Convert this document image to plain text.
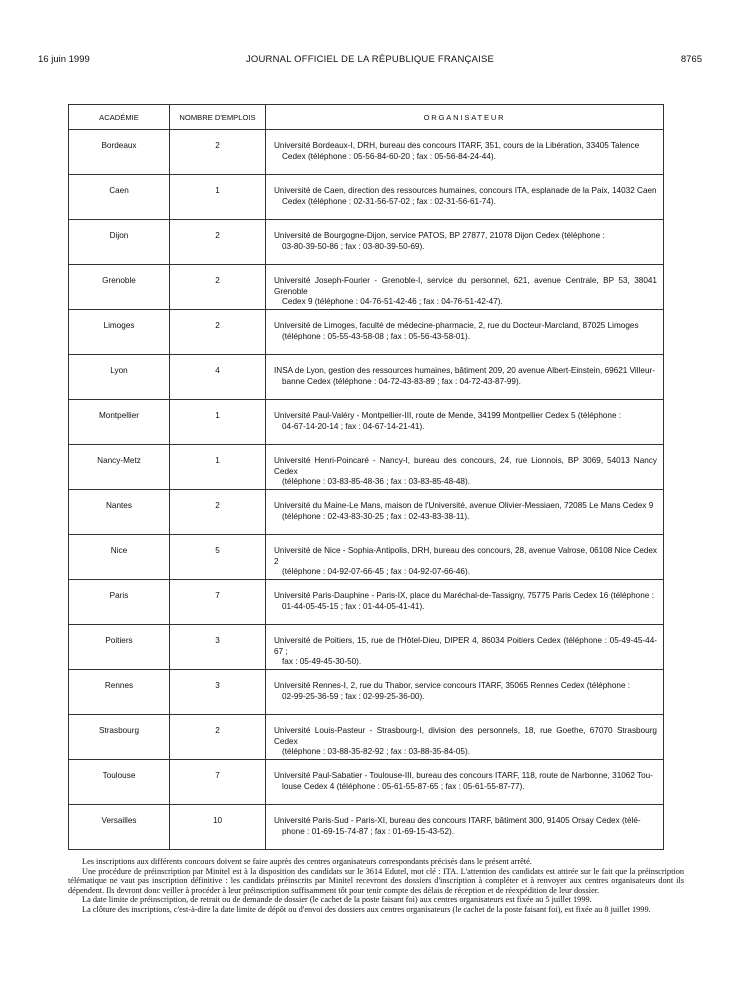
16 juin 1999	JOURNAL OFFICIEL DE LA RÉPUBLIQUE FRANÇAISE	8765
ACADÉMIE	NOMBRE D'EMPLOIS	ORGANISATEUR
Bordeaux	2	Université Bordeaux-I, DRH, bureau des concours ITARF, 351, cours de la Libération, 33405 Talence
Cedex (téléphone : 05-56-84-60-20 ; fax : 05-56-84-24-44).

Caen	1	Université de Caen, direction des ressources humaines, concours ITA, esplanade de la Paix, 14032 Caen
Cedex (téléphone : 02-31-56-57-02 ; fax : 02-31-56-61-74).

Dijon	2	Université de Bourgogne-Dijon, service PATOS, BP 27877, 21078 Dijon Cedex (téléphone :
03-80-39-50-86 ; fax : 03-80-39-50-69).

Grenoble	2	Université Joseph-Fourier - Grenoble-I, service du personnel, 621, avenue Centrale, BP 53, 38041 Grenoble
Cedex 9 (téléphone : 04-76-51-42-46 ; fax : 04-76-51-42-47).

Limoges	2	Université de Limoges, faculté de médecine-pharmacie, 2, rue du Docteur-Marcland, 87025 Limoges
(téléphone : 05-55-43-58-08 ; fax : 05-56-43-58-01).

Lyon	4	INSA de Lyon, gestion des ressources humaines, bâtiment 209, 20 avenue Albert-Einstein, 69621 Villeur-
banne Cedex (téléphone : 04-72-43-83-89 ; fax : 04-72-43-87-99).

Montpellier	1	Université Paul-Valéry - Montpellier-III, route de Mende, 34199 Montpellier Cedex 5 (téléphone :
04-67-14-20-14 ; fax : 04-67-14-21-41).

Nancy-Metz	1	Université Henri-Poincaré - Nancy-I, bureau des concours, 24, rue Lionnois, BP 3069, 54013 Nancy Cedex
(téléphone : 03-83-85-48-36 ; fax : 03-83-85-48-48).

Nantes	2	Université du Maine-Le Mans, maison de l'Université, avenue Olivier-Messiaen, 72085 Le Mans Cedex 9
(téléphone : 02-43-83-30-25 ; fax : 02-43-83-38-11).

Nice	5	Université de Nice - Sophia-Antipolis, DRH, bureau des concours, 28, avenue Valrose, 06108 Nice Cedex 2
(téléphone : 04-92-07-66-45 ; fax : 04-92-07-66-46).

Paris	7	Université Paris-Dauphine - Paris-IX, place du Maréchal-de-Tassigny, 75775 Paris Cedex 16 (téléphone :
01-44-05-45-15 ; fax : 01-44-05-41-41).

Poitiers	3	Université de Poitiers, 15, rue de l'Hôtel-Dieu, DIPER 4, 86034 Poitiers Cedex (téléphone : 05-49-45-44-67 ;
fax : 05-49-45-30-50).

Rennes	3	Université Rennes-I, 2, rue du Thabor, service concours ITARF, 35065 Rennes Cedex (téléphone :
02-99-25-36-59 ; fax : 02-99-25-36-00).

Strasbourg	2	Université Louis-Pasteur - Strasbourg-I, division des personnels, 18, rue Goethe, 67070 Strasbourg Cedex
(téléphone : 03-88-35-82-92 ; fax : 03-88-35-84-05).

Toulouse	7	Université Paul-Sabatier - Toulouse-III, bureau des concours ITARF, 118, route de Narbonne, 31062 Tou-
louse Cedex 4 (téléphone : 05-61-55-87-65 ; fax : 05-61-55-87-77).

Versailles	10	Université Paris-Sud - Paris-XI, bureau des concours ITARF, bâtiment 300, 91405 Orsay Cedex (télé-
phone : 01-69-15-74-87 ; fax : 01-69-15-43-52).

Les inscriptions aux différents concours doivent se faire auprès des centres organisateurs correspondants précisés dans le présent arrêté.

Une procédure de préinscription par Minitel est à la disposition des candidats sur le 3614 Edutel, mot clé : ITA. L'attention des candidats est attirée sur le fait que la préinscription télématique ne vaut pas inscription définitive : les candidats préinscrits par Minitel recevront des dossiers d'inscription à compléter et à renvoyer aux centres organisateurs dont ils dépendent. Ils devront donc veiller à procéder à leur préinscription suffisamment tôt pour tenir compte des délais de réception et de réexpédition de leur dossier.

La date limite de préinscription, de retrait ou de demande de dossier (le cachet de la poste faisant foi) aux centres organisateurs est fixée au 5 juillet 1999.

La clôture des inscriptions, c'est-à-dire la date limite de dépôt ou d'envoi des dossiers aux centres organisateurs (le cachet de la poste faisant foi), est fixée au 8 juillet 1999.
